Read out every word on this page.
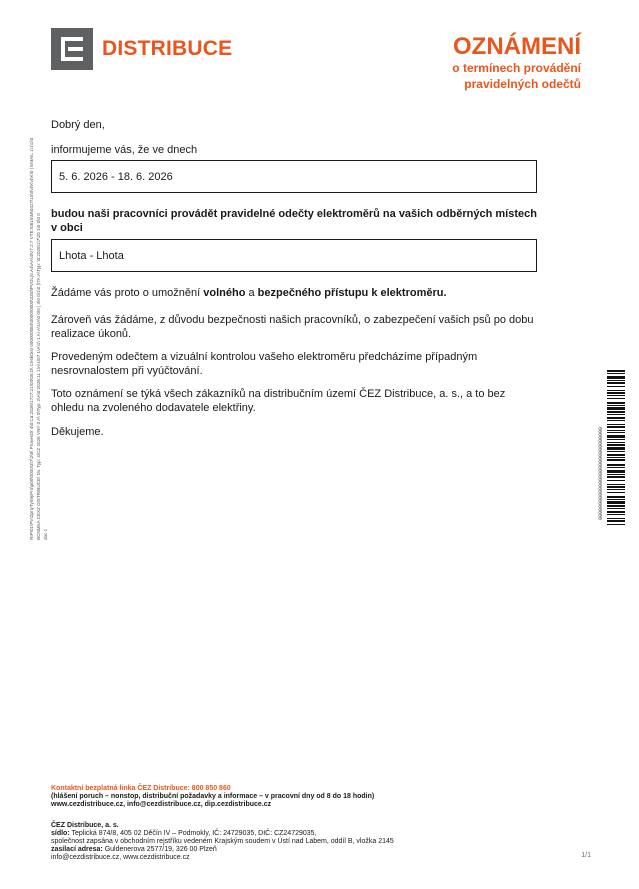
DISTRIBUCE	OZNÁMENÍ
o termínech provádění
pravidelných odečtů
RIP\01\PV\ZpnyTy\MyPro\p00\0000\3\7\2\8\ ProvesDt 4\0:Ca:2026\1727:21\04\05:D\ CeskDist 000000084\0000\0000\33\0\PVOL|0.A4\AA\4\V7.2.7 VTE:\0815\M\0427\15\0\4\K\4\K\0 | EMAIL 1\1\1\0 BCNMXA CEXZ DISTRIBUCE\ Dv. Typ: 4\CZ 2026 VNY 0 A\ 0\Typ: 2\A\0:2026:11 1\A\1\07 1\A\1\-1 A\ A\1\A\0 0\0 | 4\0 0\1\0 |\7A:A\Typ: \0:2026\1\7\20 1\0 0\0 0 doc 1

Dobrý den,

informujeme vás, že ve dnech

5. 6. 2026 - 18. 6. 2026

budou naši pracovníci provádět pravidelné odečty elektroměrů na vašich odběrných místech v obci

Lhota - Lhota

Žádáme vás proto o umožnění volného a bezpečného přístupu k elektroměru.

Zároveň vás žádáme, z důvodu bezpečnosti našich pracovníků, o zabezpečení vašich psů po dobu realizace úkonů.

Provedeným odečtem a vizuální kontrolou vašeho elektroměru předcházíme případným nesrovnalostem při vyúčtování.

Toto oznámení se týká všech zákazníků na distribučním území ČEZ Distribuce, a. s., a to bez ohledu na zvoleného dodavatele elektřiny.

Děkujeme.	0000000000000000000000000000000
Kontaktní bezplatná linka ČEZ Distribuce: 800 850 860
(hlášení poruch – nonstop, distribuční požadavky a informace – v pracovní dny od 8 do 18 hodin)
www.cezdistribuce.cz, info@cezdistribuce.cz, dip.cezdistribuce.cz
ČEZ Distribuce, a. s.
sídlo: Teplická 874/8, 405 02 Děčín IV – Podmokly, IČ: 24729035, DIČ: CZ24729035,
společnost zapsána v obchodním rejstříku vedeném Krajským soudem v Ústí nad Labem, oddíl B, vložka 2145
zasílací adresa: Guldenerova 2577/19, 326 00 Plzeň
info@cezdistribuce.cz, www.cezdistribuce.cz	1/1
